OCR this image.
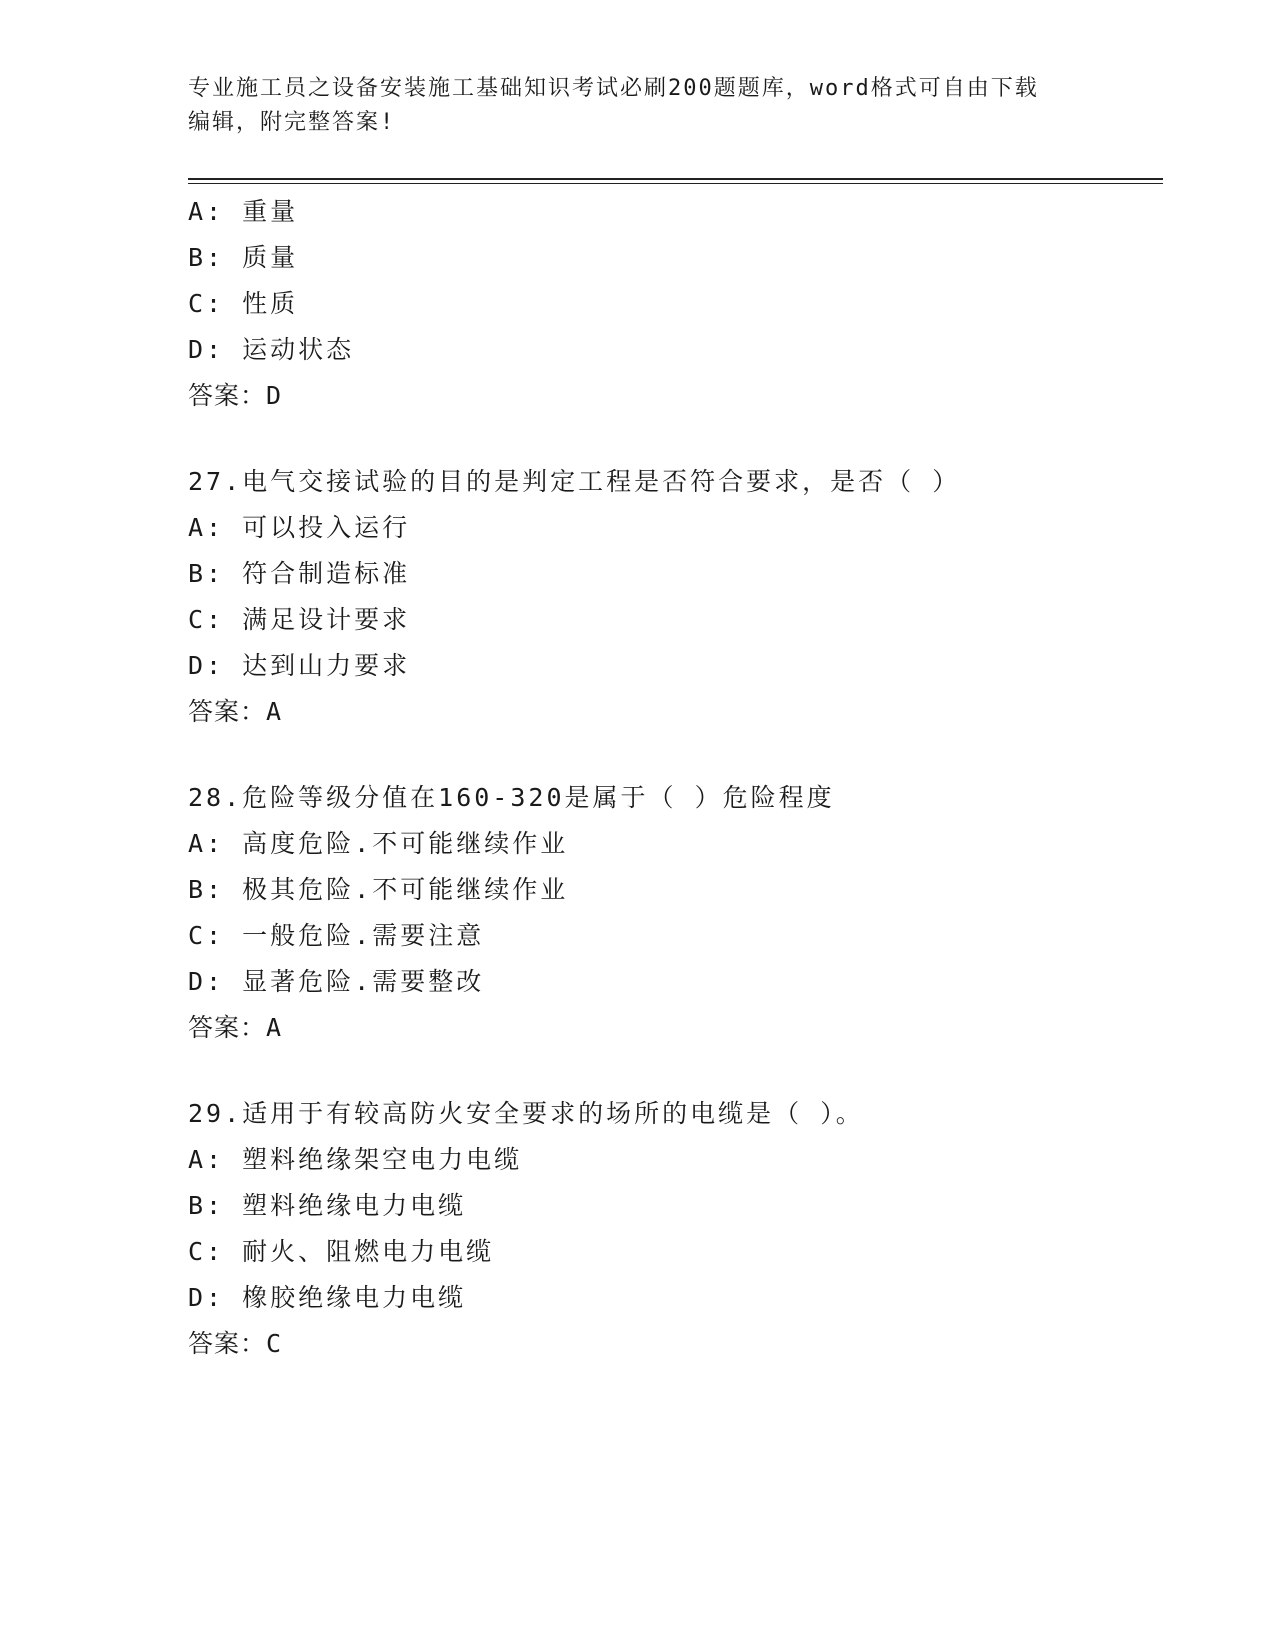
专业施工员之设备安装施工基础知识考试必刷200题题库，word格式可自由下载
编辑，附完整答案!
A: 重量
B: 质量
C: 性质
D: 运动状态
答案：D
27.电气交接试验的目的是判定工程是否符合要求，是否（ ）
A: 可以投入运行
B: 符合制造标准
C: 满足设计要求
D: 达到山力要求
答案：A
28.危险等级分值在160-320是属于（ ）危险程度
A: 高度危险.不可能继续作业
B: 极其危险.不可能继续作业
C: 一般危险.需要注意
D: 显著危险.需要整改
答案：A
29.适用于有较高防火安全要求的场所的电缆是（ ）。
A: 塑料绝缘架空电力电缆
B: 塑料绝缘电力电缆
C: 耐火、阻燃电力电缆
D: 橡胶绝缘电力电缆
答案：C
